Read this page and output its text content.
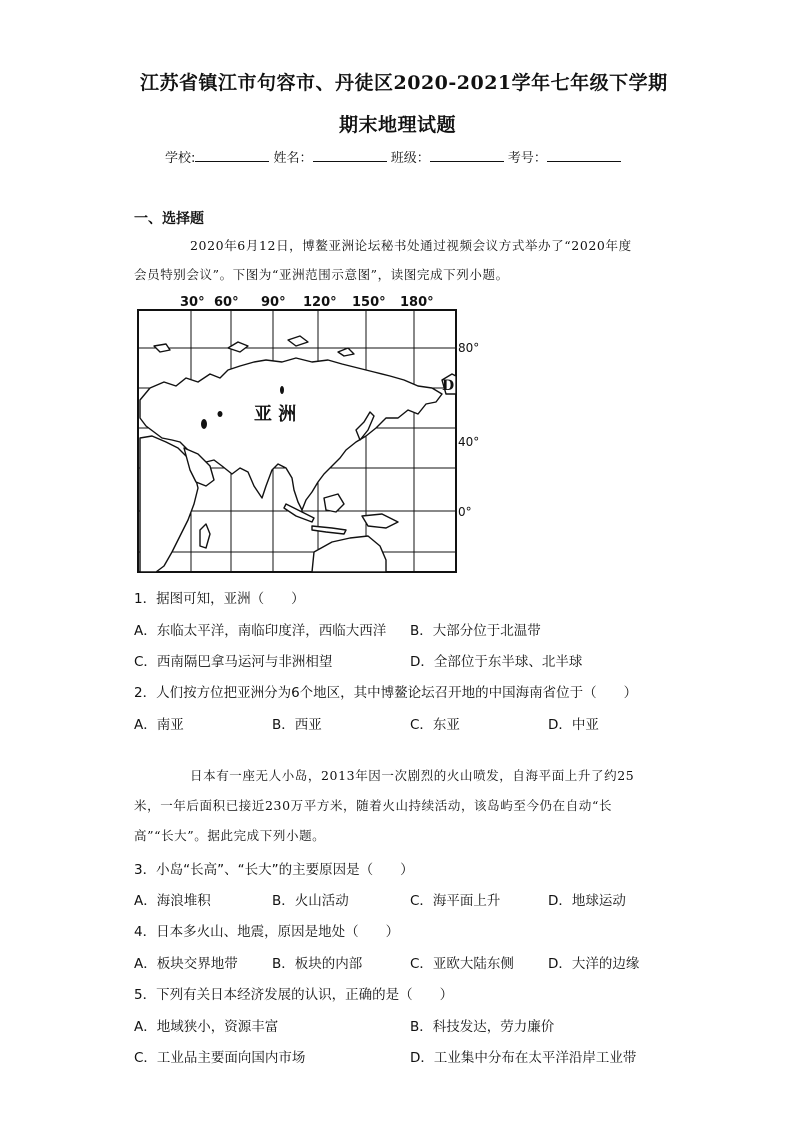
江苏省镇江市句容市、丹徒区2020-2021学年七年级下学期
期末地理试题
学校:	姓名：	班级：	考号：
一、选择题
2020年6月12日，博鳌亚洲论坛秘书处通过视频会议方式举办了“2020年度
会员特别会议”。下图为“亚洲范围示意图”，读图完成下列小题。
30° 60° 90° 120° 150° 180°
80°
40°
0°
亚 洲
D
1．据图可知，亚洲（　　）
A．东临太平洋，南临印度洋，西临大西洋 B．大部分位于北温带
C．西南隔巴拿马运河与非洲相望	D．全部位于东半球、北半球
2．人们按方位把亚洲分为6个地区，其中博鳌论坛召开地的中国海南省位于（　　）
A．南亚	B．西亚	C．东亚	D．中亚
日本有一座无人小岛，2013年因一次剧烈的火山喷发，自海平面上升了约25
米，一年后面积已接近230万平方米，随着火山持续活动，该岛屿至今仍在自动“长
高”“长大”。据此完成下列小题。
3．小岛“长高”、“长大”的主要原因是（　　）
A．海浪堆积	B．火山活动	C．海平面上升	D．地球运动
4．日本多火山、地震，原因是地处（　　）
A．板块交界地带	B．板块的内部	C．亚欧大陆东侧	D．大洋的边缘
5．下列有关日本经济发展的认识，正确的是（　　）
A．地域狭小，资源丰富	B．科技发达，劳力廉价
C．工业品主要面向国内市场	D．工业集中分布在太平洋沿岸工业带
